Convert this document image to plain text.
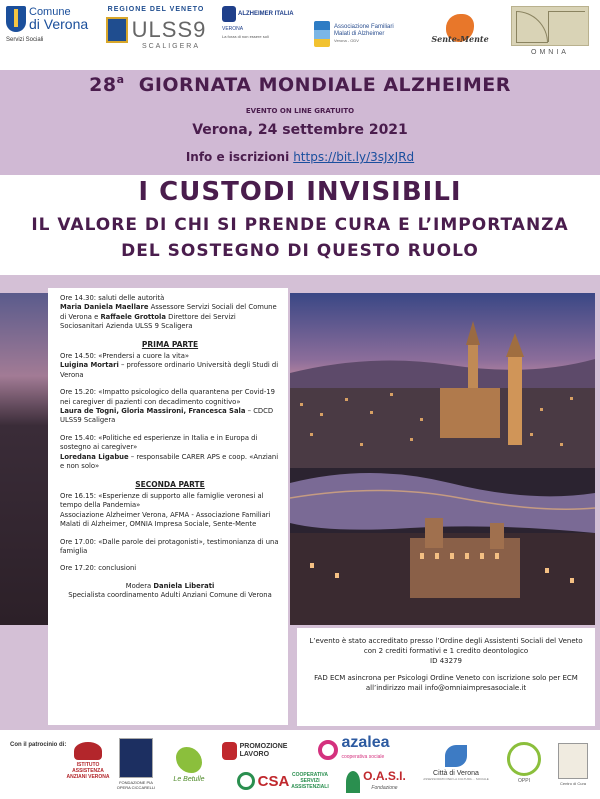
Comune
di Verona
Servizi Sociali
REGIONE DEL VENETO
ULSS9
SCALIGERA
ALZHEIMER ITALIA
VERONA
La forza di non essere soli
Associazione Familiari
Malati di Alzheimer
Verona - ODV	Sente-Mente
OMNIA
28$^a$ GIORNATA MONDIALE ALZHEIMER
EVENTO ON LINE GRATUITO
Verona, 24 settembre 2021
Info e iscrizioni https://bit.ly/3sJxJRd
I CUSTODI INVISIBILI
IL VALORE DI CHI SI PRENDE CURA E L’IMPORTANZA
DEL SOSTEGNO DI QUESTO RUOLO

Ore 14.30: saluti delle autorità
Maria Daniela Maellare Assessore Servizi Sociali del Comune di Verona e Raffaele Grottola Direttore dei Servizi Sociosanitari Azienda ULSS 9 Scaligera

PRIMA PARTE

Ore 14.50: «Prendersi a cuore la vita»
Luigina Mortari – professore ordinario Università degli Studi di Verona

Ore 15.20: «Impatto psicologico della quarantena per Covid-19 nei caregiver di pazienti con decadimento cognitivo»
Laura de Togni, Gloria Massironi, Francesca Sala – CDCD ULSS9 Scaligera

Ore 15.40: «Politiche ed esperienze in Italia e in Europa di sostegno ai caregiver»
Loredana Ligabue – responsabile CARER APS e coop. «Anziani e non solo»

SECONDA PARTE

Ore 16.15: «Esperienze di supporto alle famiglie veronesi al tempo della Pandemia»
Associazione Alzheimer Verona, AFMA - Associazione Familiari Malati di Alzheimer, OMNIA Impresa Sociale, Sente-Mente

Ore 17.00: «Dalle parole dei protagonisti», testimonianza di una famiglia

Ore 17.20: conclusioni

Modera Daniela Liberati
Specialista coordinamento Adulti Anziani Comune di Verona

L’evento è stato accreditato presso l’Ordine degli Assistenti Sociali del Veneto con 2 crediti formativi e 1 credito deontologico
ID 43279

FAD ECM asincrona per Psicologi Ordine Veneto con iscrizione solo per ECM all’indirizzo mail info@omniaimpresasociale.it

Con il patrocinio di:
ISTITUTO ASSISTENZA ANZIANI VERONA
FONDAZIONE PIA OPERA CICCARELLI
Le Betulle
PROMOZIONE LAVORO
CSA
azalea
cooperativa sociale
COOPERATIVA SERVIZI ASSISTENZIALI
O.A.S.I.
Fondazione
Città di Verona
ASSESSORATO PER LA CULTURA ... SOCIALE	OPPI	Centro di Cura
